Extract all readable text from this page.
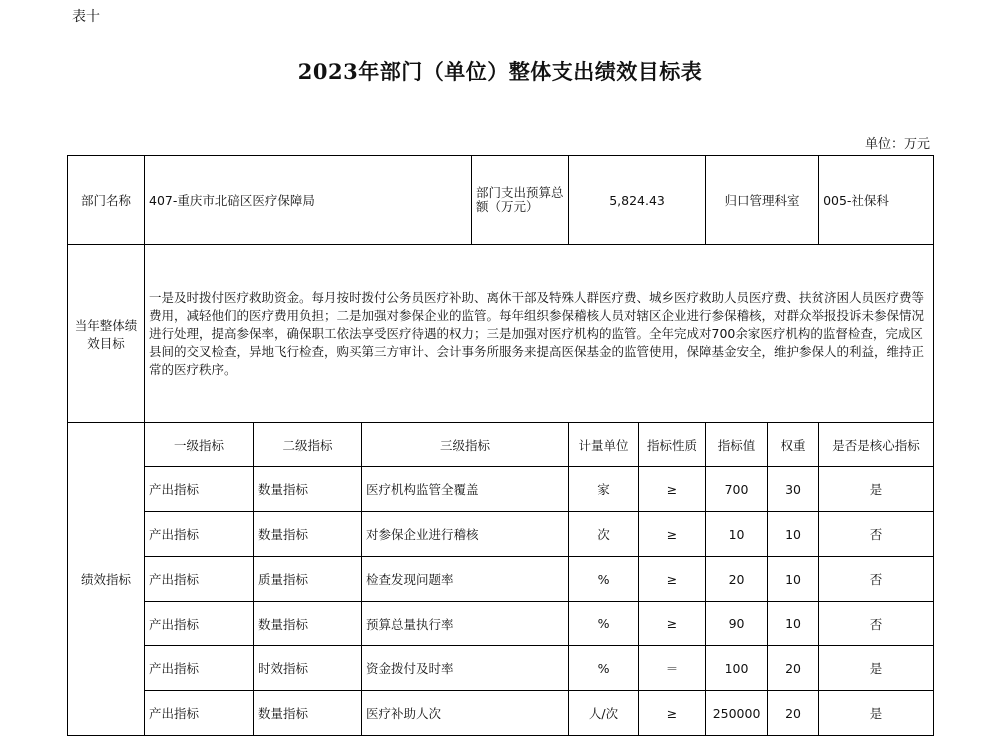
表十
2023年部门（单位）整体支出绩效目标表
单位：万元
部门名称	407-重庆市北碚区医疗保障局			部门支出预算总额（万元）	5,824.43		归口管理科室		005-社保科
当年整体绩效目标	一是及时拨付医疗救助资金。每月按时拨付公务员医疗补助、离休干部及特殊人群医疗费、城乡医疗救助人员医疗费、扶贫济困人员医疗费等费用，减轻他们的医疗费用负担；二是加强对参保企业的监管。每年组织参保稽核人员对辖区企业进行参保稽核，对群众举报投诉未参保情况进行处理，提高参保率，确保职工依法享受医疗待遇的权力；三是加强对医疗机构的监管。全年完成对700余家医疗机构的监督检查，完成区县间的交叉检查，异地飞行检查，购买第三方审计、会计事务所服务来提高医保基金的监管使用，保障基金安全，维护参保人的利益，维持正常的医疗秩序。								
绩效指标	一级指标	二级指标	三级指标		计量单位	指标性质	指标值	权重	是否是核心指标
	产出指标	数量指标	医疗机构监管全覆盖		家	≥	700	30	是
	产出指标	数量指标	对参保企业进行稽核		次	≥	10	10	否
	产出指标	质量指标	检查发现问题率		%	≥	20	10	否
	产出指标	数量指标	预算总量执行率		%	≥	90	10	否
	产出指标	时效指标	资金拨付及时率		%	＝	100	20	是
	产出指标	数量指标	医疗补助人次		人/次	≥	250000	20	是
